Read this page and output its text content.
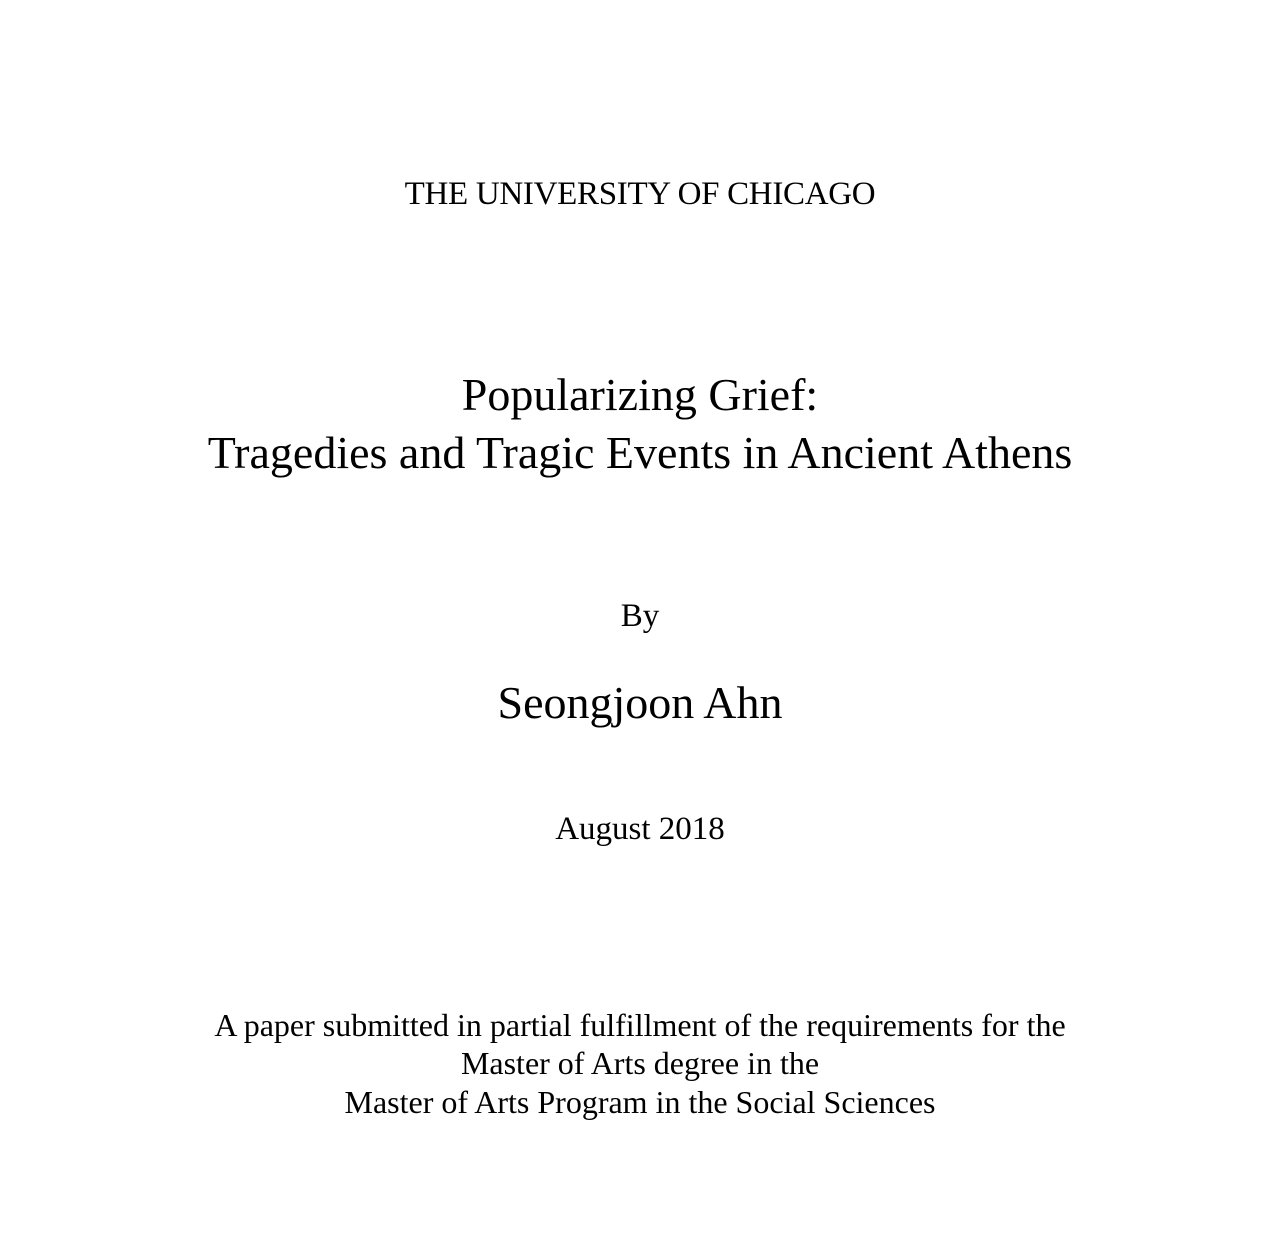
THE UNIVERSITY OF CHICAGO
Popularizing Grief:
Tragedies and Tragic Events in Ancient Athens
By
Seongjoon Ahn
August 2018
A paper submitted in partial fulfillment of the requirements for the
Master of Arts degree in the
Master of Arts Program in the Social Sciences
